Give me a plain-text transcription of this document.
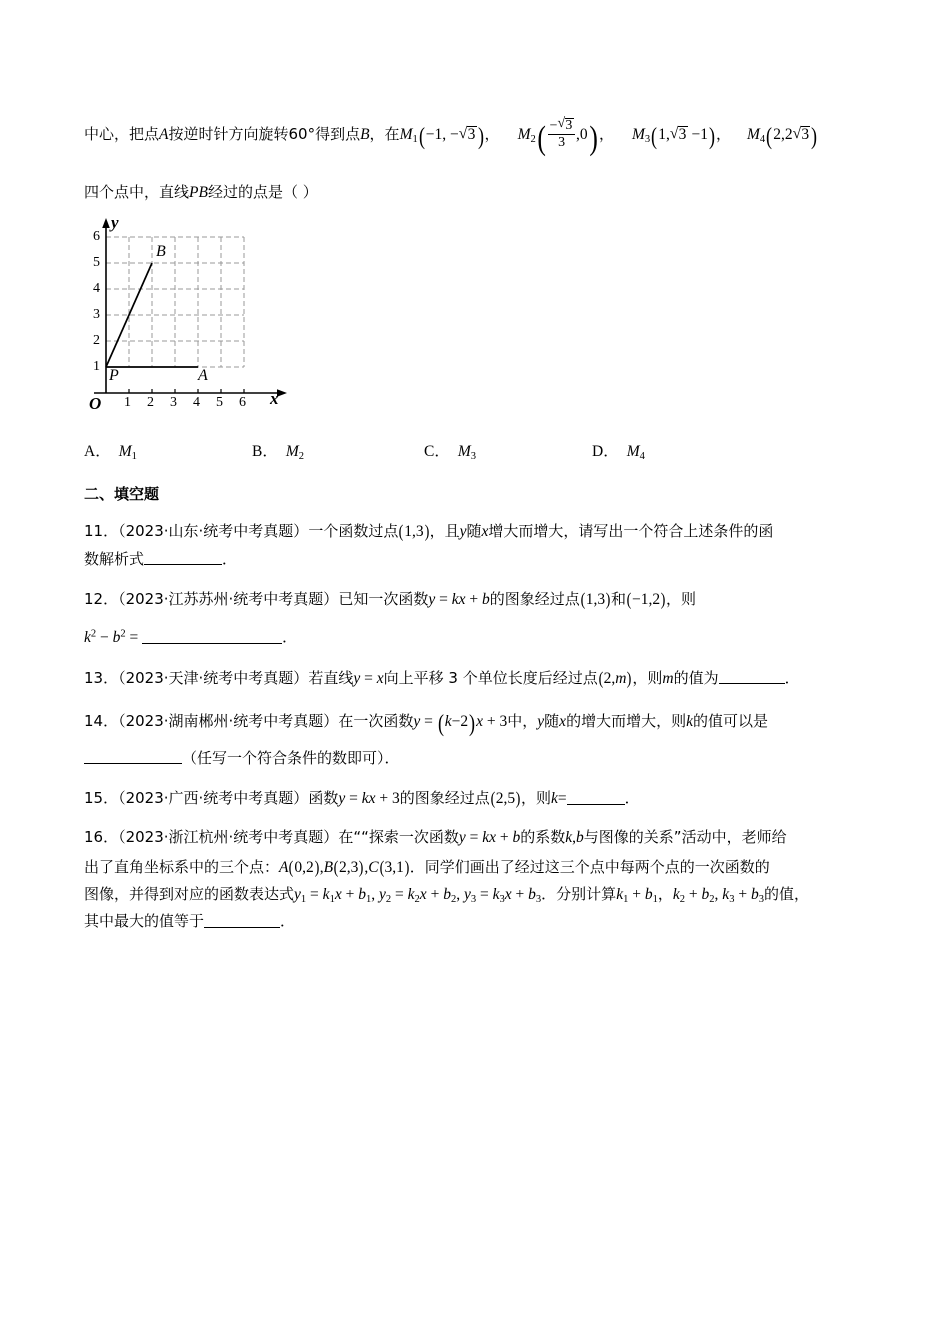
中心，把点A按逆时针方向旋转60°得到点B，在$M_1(-1$, − √ 3)， $M_2( \frac{- √ 3}{3} ,0)$， $M_3(1$, √ 3 −1)， $M_4(2,2$ √ 3)
四个点中，直线PB经过的点是（ ）
y
x
O
6
5
4
3
2
1
1 2 3 4 5 6
B
P	A
A． $M_1$	B． $M_2$	C． $M_3$	D． $M_4$
二、填空题
11．（2023·山东·统考中考真题）一个函数过点(1,3)，且y随x增大而增大，请写出一个符合上述条件的函
数解析式	．
12．（2023·江苏苏州·统考中考真题）已知一次函数y = kx + b的图象经过点(1,3)和(−1,2)，则
$k^2 - b^2$ =	．
13．（2023·天津·统考中考真题）若直线y = x向上平移 3 个单位长度后经过点(2,m)，则m的值为	．
14．（2023·湖南郴州·统考中考真题）在一次函数y = (k−2)x + 3中，y随x的增大而增大，则k的值可以是
（任写一个符合条件的数即可）．
15．（2023·广西·统考中考真题）函数y = kx + 3的图象经过点(2,5)，则k=	．
16．（2023·浙江杭州·统考中考真题）在““探索一次函数y = kx + b的系数k,b与图像的关系”活动中，老师给
出了直角坐标系中的三个点：A(0,2),B(2,3),C(3,1)．同学们画出了经过这三个点中每两个点的一次函数的
图像，并得到对应的函数表达式$y_1 = k_1x + b_1$, $y_2 = k_2x + b_2$, $y_3 = k_3x + b_3$．分别计算$k_1 + b_1$，$k_2 + b_2$, $k_3 + b_3$的值，
其中最大的值等于	．
